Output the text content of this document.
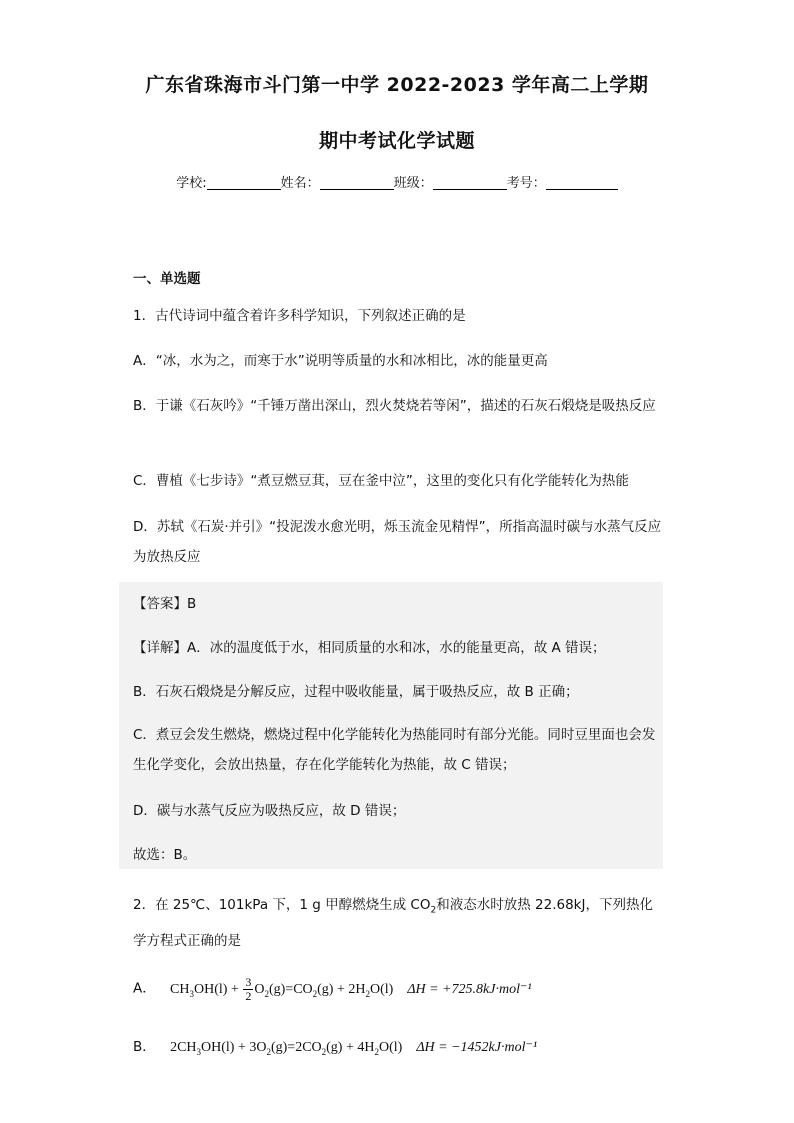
广东省珠海市斗门第一中学 2022-2023 学年高二上学期
期中考试化学试题
学校:	姓名：	班级：	考号：
一、单选题
1．古代诗词中蕴含着许多科学知识，下列叙述正确的是
A．“冰，水为之，而寒于水”说明等质量的水和冰相比，冰的能量更高
B．于谦《石灰吟》“千锤万凿出深山，烈火焚烧若等闲”，描述的石灰石煅烧是吸热反应
C．曹植《七步诗》“煮豆燃豆萁，豆在釜中泣”，这里的变化只有化学能转化为热能
D．苏轼《石炭·并引》“投泥泼水愈光明，烁玉流金见精悍”，所指高温时碳与水蒸气反应为放热反应
【答案】B
【详解】A．冰的温度低于水，相同质量的水和冰，水的能量更高，故 A 错误；
B．石灰石煅烧是分解反应，过程中吸收能量，属于吸热反应，故 B 正确；
C．煮豆会发生燃烧，燃烧过程中化学能转化为热能同时有部分光能。同时豆里面也会发生化学变化，会放出热量，存在化学能转化为热能，故 C 错误；
D．碳与水蒸气反应为吸热反应，故 D 错误；
故选：B。
2．在 25℃、101kPa 下，1 g 甲醇燃烧生成 $CO_2$和液态水时放热 22.68kJ，下列热化学方程式正确的是
A． $CH_3OH(l) + \frac{3}{2} O_2(g)=CO_2(g) + 2H_2O(l) \Delta H = +725.8kJ\cdot mol^{-1}$
B． $2CH_3OH(l) + 3O_2(g)=2CO_2(g) + 4H_2O(l) \Delta H = -1452kJ\cdot mol^{-1}$
